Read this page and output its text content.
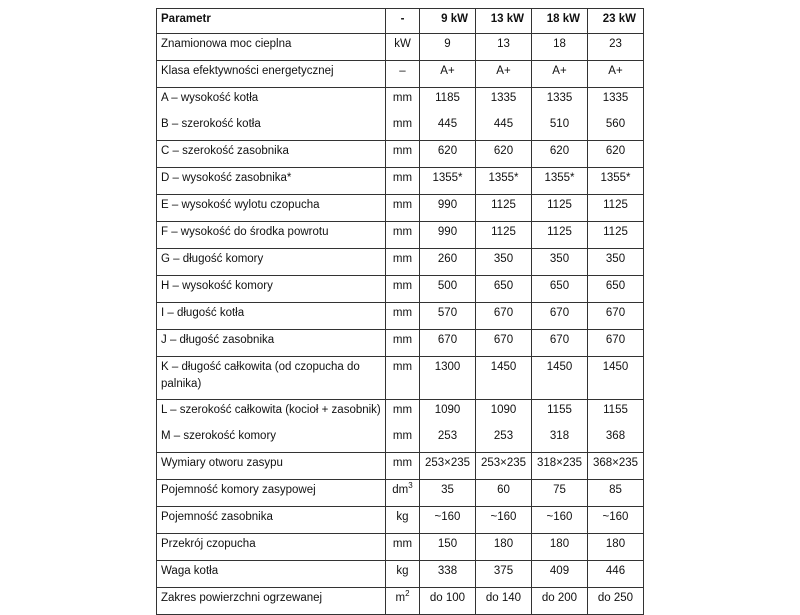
Parametr	-	9 kW	13 kW	18 kW	23 kW
Znamionowa moc cieplna	kW	9	13	18	23
Klasa efektywności energetycznej	–	A+	A+	A+	A+
A – wysokość kotła	mm	1185	1335	1335	1335
B – szerokość kotła	mm	445	445	510	560
C – szerokość zasobnika	mm	620	620	620	620
D – wysokość zasobnika*	mm	1355*	1355*	1355*	1355*
E – wysokość wylotu czopucha	mm	990	1125	1125	1125
F – wysokość do środka powrotu	mm	990	1125	1125	1125
G – długość komory	mm	260	350	350	350
H – wysokość komory	mm	500	650	650	650
I – długość kotła	mm	570	670	670	670
J – długość zasobnika	mm	670	670	670	670
K – długość całkowita (od czopucha do palnika)	mm	1300	1450	1450	1450
L – szerokość całkowita (kocioł + zasobnik)	mm	1090	1090	1155	1155
M – szerokość komory	mm	253	253	318	368
Wymiary otworu zasypu	mm	253×235	253×235	318×235	368×235
Pojemność komory zasypowej	$dm^3$	35	60	75	85
Pojemność zasobnika	kg	~160	~160	~160	~160
Przekrój czopucha	mm	150	180	180	180
Waga kotła	kg	338	375	409	446
Zakres powierzchni ogrzewanej	$m^2$	do 100	do 140	do 200	do 250
